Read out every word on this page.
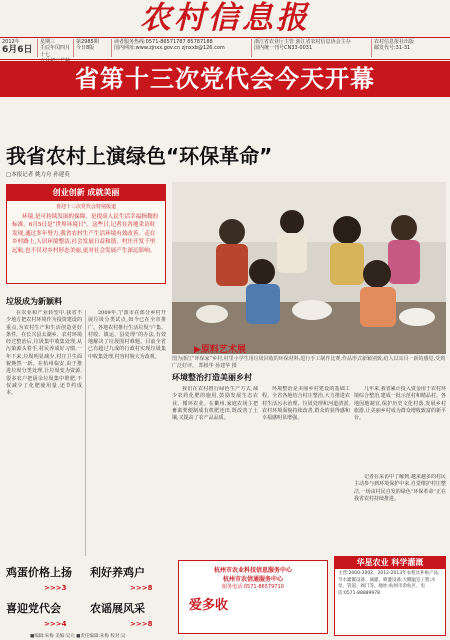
农村信息报
2012年
6月6日
星期三
壬辰年闰四月十七
第2985期
今日8版
读者服务热线:0571-86571787 85787188
国内网址:www.zjnxx.gov.cn zjnxxb@126.com
浙江省农业厅主管 浙江省农村信息协会主办
国内统一刊号CN33-0031
农村信息报社出版
邮发代号:31-31
省第十三次党代会今天开幕
我省农村上演绿色“环保革命”
□本报记者 姚力舟 孙建英
创业创新 成就美丽
喜迎十三次党代会特别报道
环境,是可持续发展的保障。是提高人民生活幸福指数的标准。6月5日是“世界环境日”。这些日,记者在各地采访时发现,通过多年努力,我省农村生产生活环境有效改善。走在乡村路上,人居环境整洁,社会发展日益和谐。村庄开发千里远航,也不仅对乡村形态美丽,更对社会发展产生深远影响。
▶原料艺术展
图为浙江“环保家”乡村,村里小学生用垃圾回收的环保材料,进行手工制作比赛,作品形式新颖别致,给人以耳目一新的感觉,受到广泛好评。 郑根华 孙建华 摄
垃圾成为新颖料
在农业和产业转型中,我省不少地方把农村环境作为投资建设的重点,为农村生产和生活创造更好条件。在长兴县太湖乡、农村环境经过整治后,垃圾集中收集处理,从污染源头着手,村民养成好习惯,一年下来,垃圾明显减少,村庄卫生面貌焕然一新。在杭州临安,由于推进垃圾分类处理,让垃圾变为资源,很多农户把厨余垃圾集中堆肥,不仅减少了化肥使用量,还节约成本。
2009年,宁波市在部分乡村开展垃圾分类试点,如今已在全市推广。各地农村推行生活垃圾“户集、村收、镇运、县处理”的办法,有效地解决了垃圾围村难题。目前全省已有超过九成的行政村实现垃圾集中收集处理,村容村貌大为改观。
环境整治打造美丽乡村
我们在农村推行绿色生产方式,减少农药化肥的施用,鼓励发展生态农业、循环农业。在衢州,家庭农场主把畜禽粪便制成有机肥还田,既改善了土壤,又提高了农产品品质。
环境整治是美丽乡村建设的基础工程。全省各地结合村庄整治,大力推进农村生活污水治理、垃圾处理和河道清淤,农村环境面貌持续改善,群众的获得感和幸福感明显增强。
几年来,我省累计投入资金用于农村环境综合整治,建成一批示范村和精品村。各地因地制宜,保护历史文化村落,发展乡村旅游,让美丽乡村成为群众增收致富的新平台。
记者在采访中了解到,越来越多的村民主动参与到环境保护中来,自觉维护村庄整洁,一场由村民自发的绿色“环保革命”正在我省农村持续推进。
鸡蛋价格上扬
>>>3
利好养鸡户
>>>8
喜迎党代会
>>>4
农谣展风采
>>>8
杭州市农业科技信息服务中心
杭州市农信通服务中心
服务电话:0571-86579710
爱多收
华星农业 科学灌溉
主营:2000-2002、2012-2013年农机具补贴产品;节水灌溉设备、滴灌、喷灌设备;大棚温室工程;水泵、管道、阀门等。地址:杭州市余杭区。电话:0571-88889978
■编辑:朱梅 美编:吴元 ■责任编辑:朱梅 校对:吴
